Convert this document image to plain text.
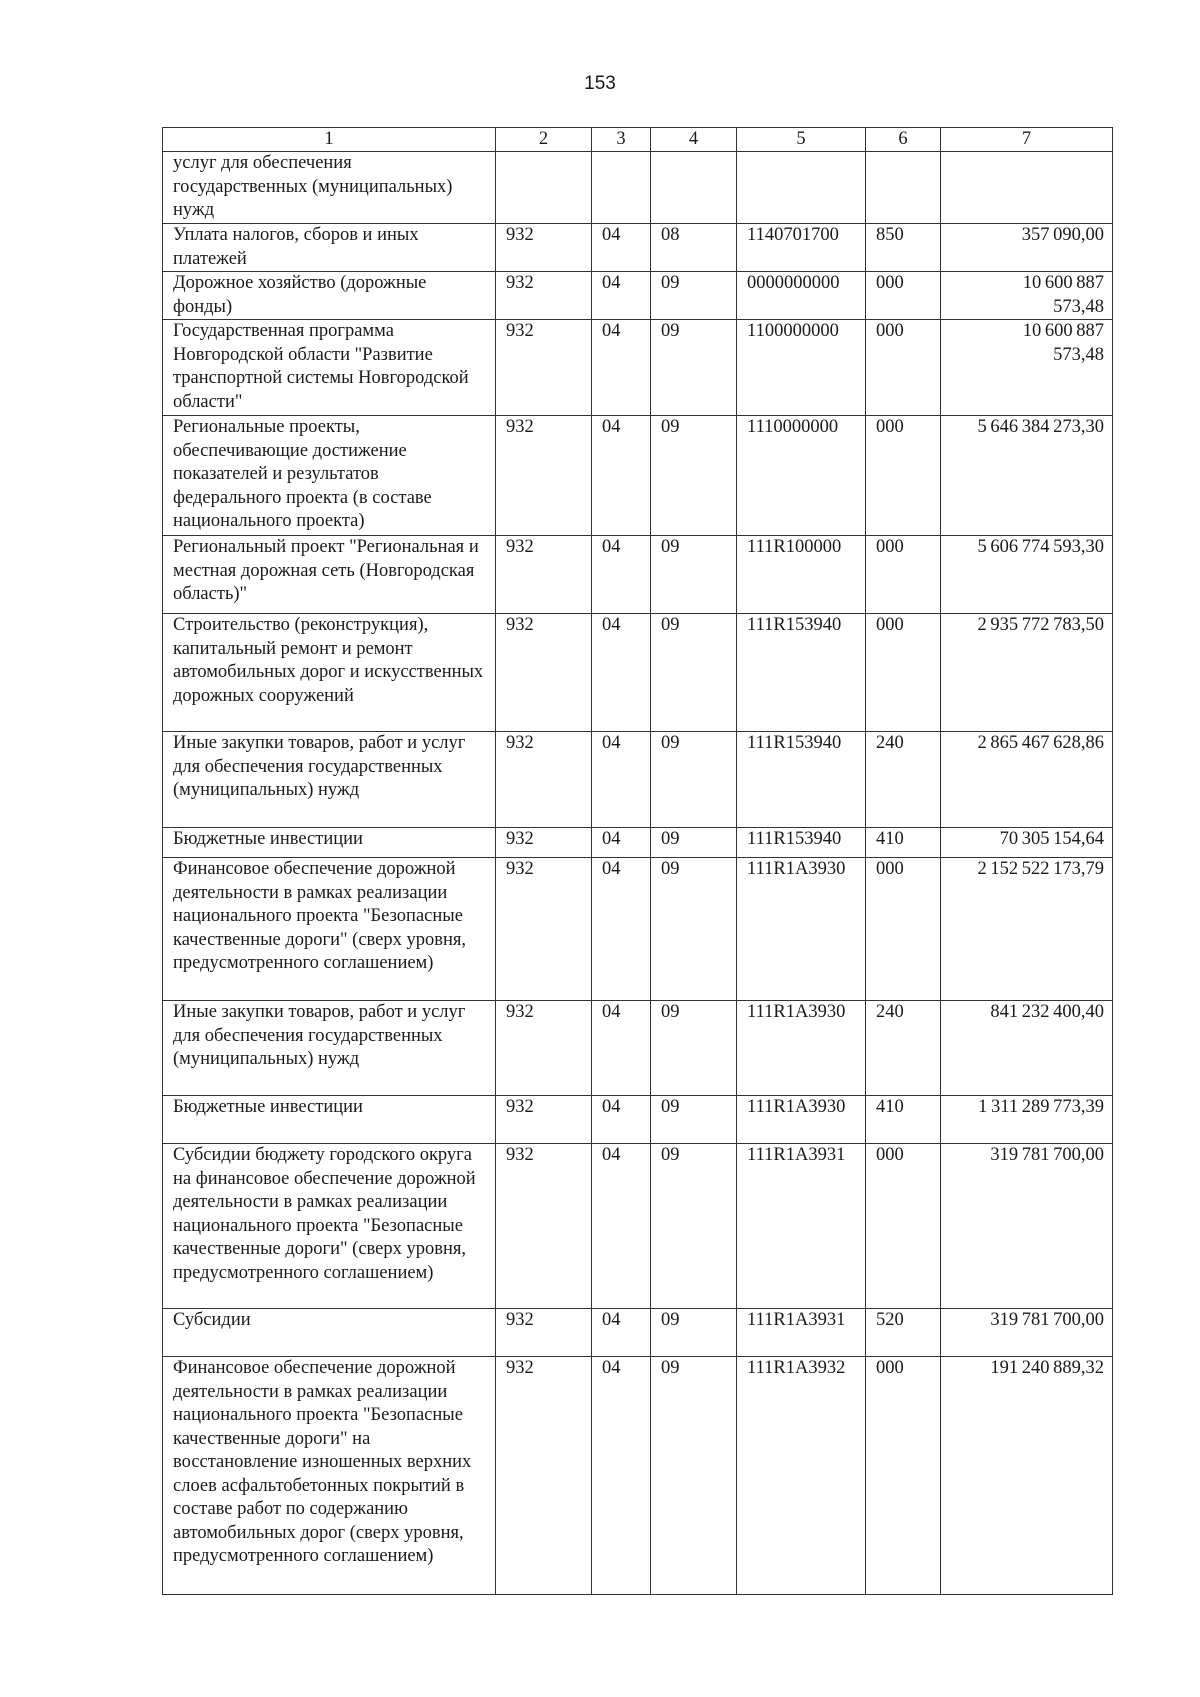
153
1	2	3	4	5	6	7
услуг для обеспечения государственных (муниципальных) нужд						
Уплата налогов, сборов и иных платежей	932	04	08	1140701700	850	357 090,00
Дорожное хозяйство (дорожные фонды)	932	04	09	0000000000	000	10 600 887 573,48
Государственная программа Новгородской области "Развитие транспортной системы Новгородской области"	932	04	09	1100000000	000	10 600 887 573,48
Региональные проекты, обеспечивающие достижение показателей и результатов федерального проекта (в составе национального проекта)	932	04	09	1110000000	000	5 646 384 273,30
Региональный проект "Региональная и местная дорожная сеть (Новгородская область)"	932	04	09	111R100000	000	5 606 774 593,30
Строительство (реконструкция), капитальный ремонт и ремонт автомобильных дорог и искусственных дорожных сооружений	932	04	09	111R153940	000	2 935 772 783,50
Иные закупки товаров, работ и услуг для обеспечения государственных (муниципальных) нужд	932	04	09	111R153940	240	2 865 467 628,86
Бюджетные инвестиции	932	04	09	111R153940	410	70 305 154,64
Финансовое обеспечение дорожной деятельности в рамках реализации национального проекта "Безопасные качественные дороги" (сверх уровня, предусмотренного соглашением)	932	04	09	111R1A3930	000	2 152 522 173,79
Иные закупки товаров, работ и услуг для обеспечения государственных (муниципальных) нужд	932	04	09	111R1A3930	240	841 232 400,40
Бюджетные инвестиции	932	04	09	111R1A3930	410	1 311 289 773,39
Субсидии бюджету городского округа на финансовое обеспечение дорожной деятельности в рамках реализации национального проекта "Безопасные качественные дороги" (сверх уровня, предусмотренного соглашением)	932	04	09	111R1A3931	000	319 781 700,00
Субсидии	932	04	09	111R1A3931	520	319 781 700,00
Финансовое обеспечение дорожной деятельности в рамках реализации национального проекта "Безопасные качественные дороги" на восстановление изношенных верхних слоев асфальтобетонных покрытий в составе работ по содержанию автомобильных дорог (сверх уровня, предусмотренного соглашением)	932	04	09	111R1A3932	000	191 240 889,32
